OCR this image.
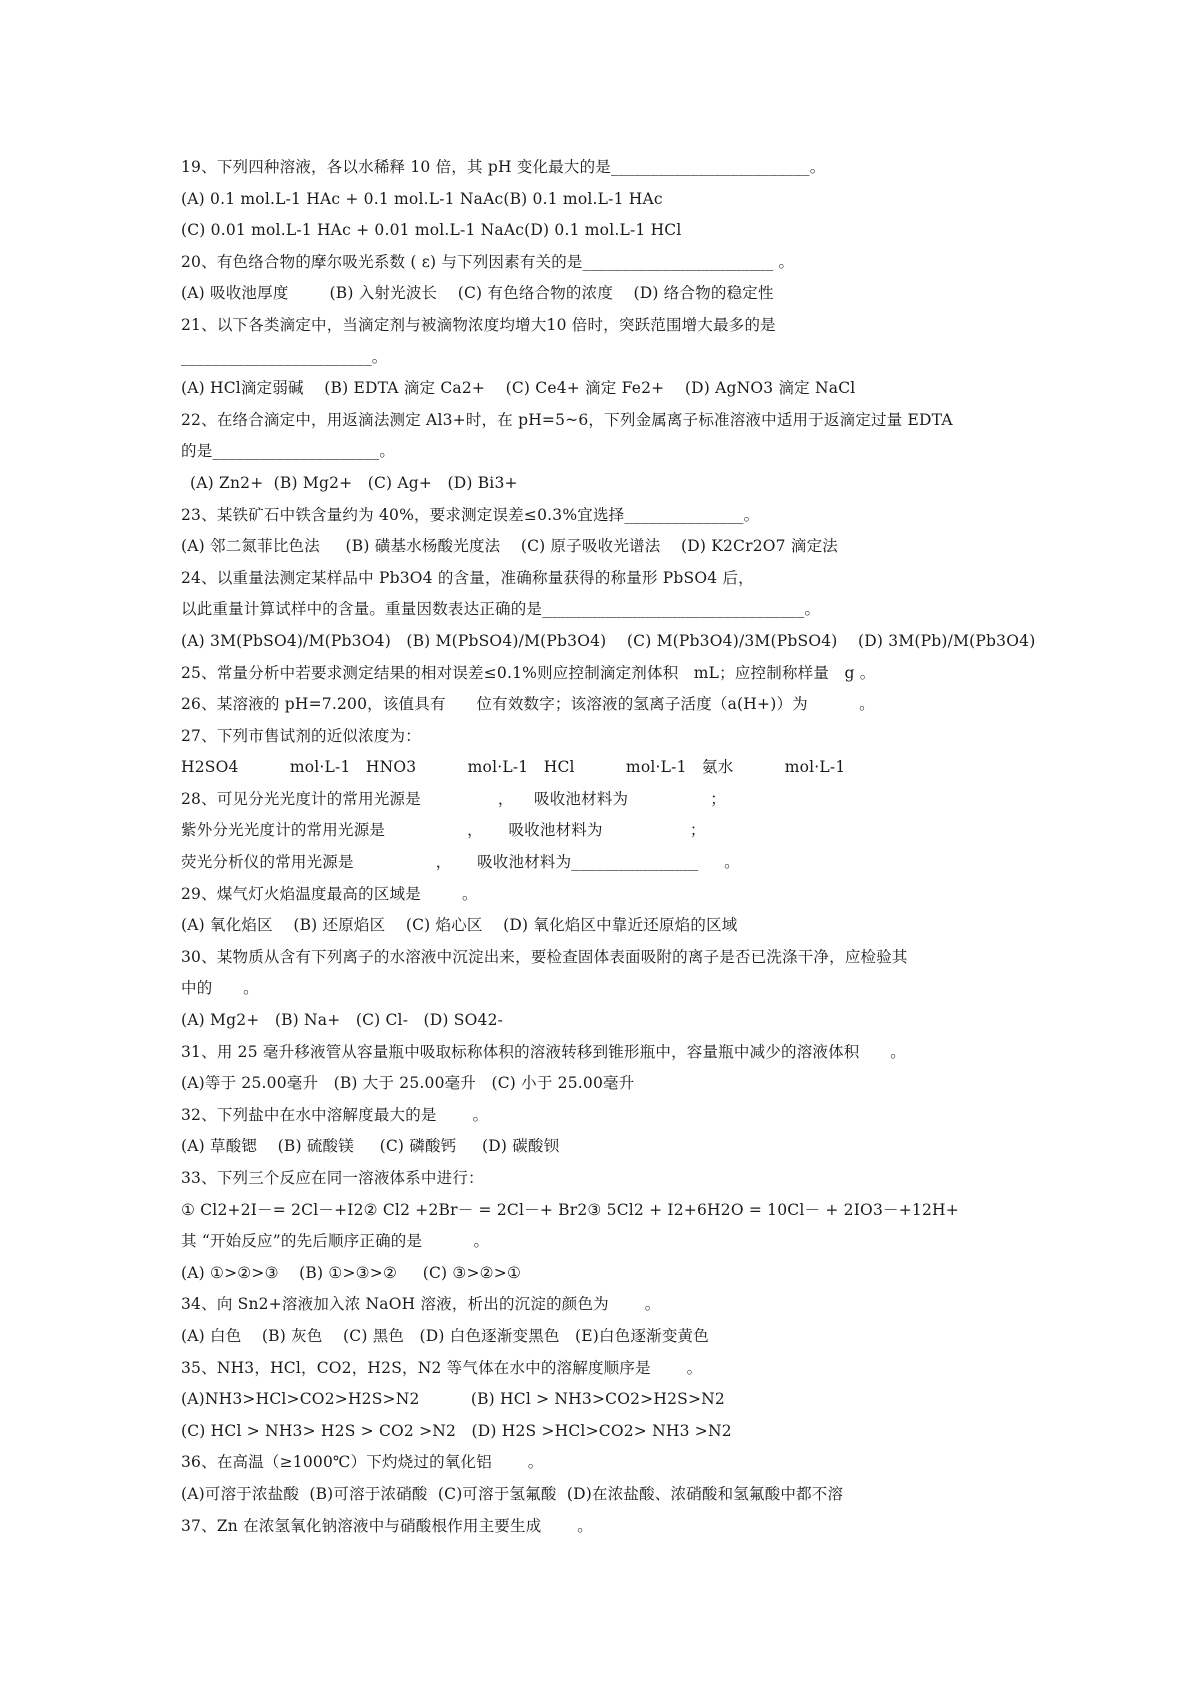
19、下列四种溶液，各以水稀释 10 倍，其 pH 变化最大的是_________________________。
(A) 0.1 mol.L-1 HAc + 0.1 mol.L-1 NaAc(B) 0.1 mol.L-1 HAc
(C) 0.01 mol.L-1 HAc + 0.01 mol.L-1 NaAc(D) 0.1 mol.L-1 HCl
20、有色络合物的摩尔吸光系数 ( ε) 与下列因素有关的是________________________ 。
(A) 吸收池厚度        (B) 入射光波长    (C) 有色络合物的浓度    (D) 络合物的稳定性
21、以下各类滴定中，当滴定剂与被滴物浓度均增大10 倍时，突跃范围增大最多的是
________________________。
(A) HCl滴定弱碱    (B) EDTA 滴定 Ca2+    (C) Ce4+ 滴定 Fe2+    (D) AgNO3 滴定 NaCl
22、在络合滴定中，用返滴法测定 Al3+时，在 pH=5~6，下列金属离子标准溶液中适用于返滴定过量 EDTA
的是_____________________。
(A) Zn2+  (B) Mg2+   (C) Ag+   (D) Bi3+
23、某铁矿石中铁含量约为 40%，要求测定误差≤0.3%宜选择_______________。
(A) 邻二氮菲比色法     (B) 磺基水杨酸光度法    (C) 原子吸收光谱法    (D) K2Cr2O7 滴定法
24、以重量法测定某样品中 Pb3O4 的含量，准确称量获得的称量形 PbSO4 后，
以此重量计算试样中的含量。重量因数表达正确的是_________________________________。
(A) 3M(PbSO4)/M(Pb3O4)   (B) M(PbSO4)/M(Pb3O4)    (C) M(Pb3O4)/3M(PbSO4)    (D) 3M(Pb)/M(Pb3O4)
25、常量分析中若要求测定结果的相对误差≤0.1%则应控制滴定剂体积   mL；应控制称样量   g 。
26、某溶液的 pH=7.200，该值具有      位有效数字；该溶液的氢离子活度（a(H+)）为          。
27、下列市售试剂的近似浓度为：
H2SO4          mol·L-1   HNO3          mol·L-1   HCl          mol·L-1   氨水          mol·L-1
28、可见分光光度计的常用光源是               ，    吸收池材料为                ；
紫外分光光度计的常用光源是                ，     吸收池材料为                 ；
荧光分析仪的常用光源是                ，     吸收池材料为________________     。
29、煤气灯火焰温度最高的区域是        。
(A) 氧化焰区    (B) 还原焰区    (C) 焰心区    (D) 氧化焰区中靠近还原焰的区域
30、某物质从含有下列离子的水溶液中沉淀出来，要检查固体表面吸附的离子是否已洗涤干净，应检验其
中的      。
(A) Mg2+   (B) Na+   (C) Cl-   (D) SO42-
31、用 25 毫升移液管从容量瓶中吸取标称体积的溶液转移到锥形瓶中，容量瓶中减少的溶液体积      。
(A)等于 25.00毫升   (B) 大于 25.00毫升   (C) 小于 25.00毫升
32、下列盐中在水中溶解度最大的是       。
(A) 草酸锶    (B) 硫酸镁     (C) 磷酸钙     (D) 碳酸钡
33、下列三个反应在同一溶液体系中进行：
① Cl2+2I－= 2Cl－+I2② Cl2 +2Br－ = 2Cl－+ Br2③ 5Cl2 + I2+6H2O = 10Cl－ + 2IO3－+12H+
其 “开始反应”的先后顺序正确的是          。
(A) ①>②>③    (B) ①>③>②     (C) ③>②>①
34、向 Sn2+溶液加入浓 NaOH 溶液，析出的沉淀的颜色为       。
(A) 白色    (B) 灰色    (C) 黑色   (D) 白色逐渐变黑色   (E)白色逐渐变黄色
35、NH3，HCl，CO2，H2S，N2 等气体在水中的溶解度顺序是       。
(A)NH3>HCl>CO2>H2S>N2          (B) HCl > NH3>CO2>H2S>N2
(C) HCl > NH3> H2S > CO2 >N2   (D) H2S >HCl>CO2> NH3 >N2
36、在高温（≥1000℃）下灼烧过的氧化铝       。
(A)可溶于浓盐酸  (B)可溶于浓硝酸  (C)可溶于氢氟酸  (D)在浓盐酸、浓硝酸和氢氟酸中都不溶
37、Zn 在浓氢氧化钠溶液中与硝酸根作用主要生成       。
